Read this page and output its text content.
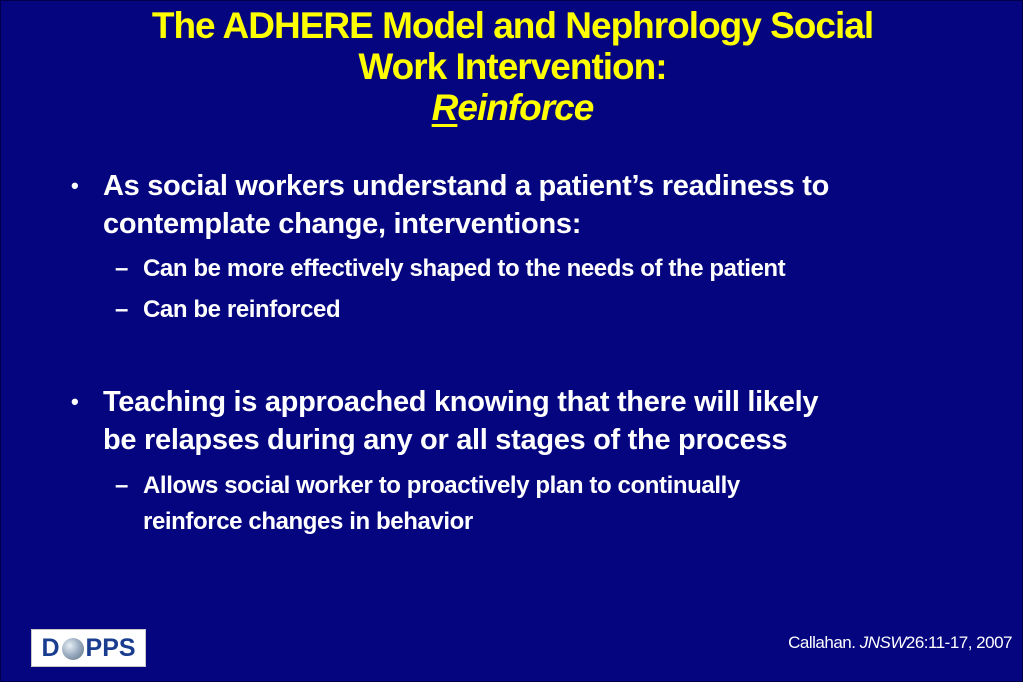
The ADHERE Model and Nephrology Social
Work Intervention:
Reinforce
• As social workers understand a patient’s readiness to
contemplate change, interventions:
– Can be more effectively shaped to the needs of the patient
– Can be reinforced
• Teaching is approached knowing that there will likely
be relapses during any or all stages of the process
– Allows social worker to proactively plan to continually
reinforce changes in behavior
D PPS	Callahan. JNSW26:11-17, 2007
